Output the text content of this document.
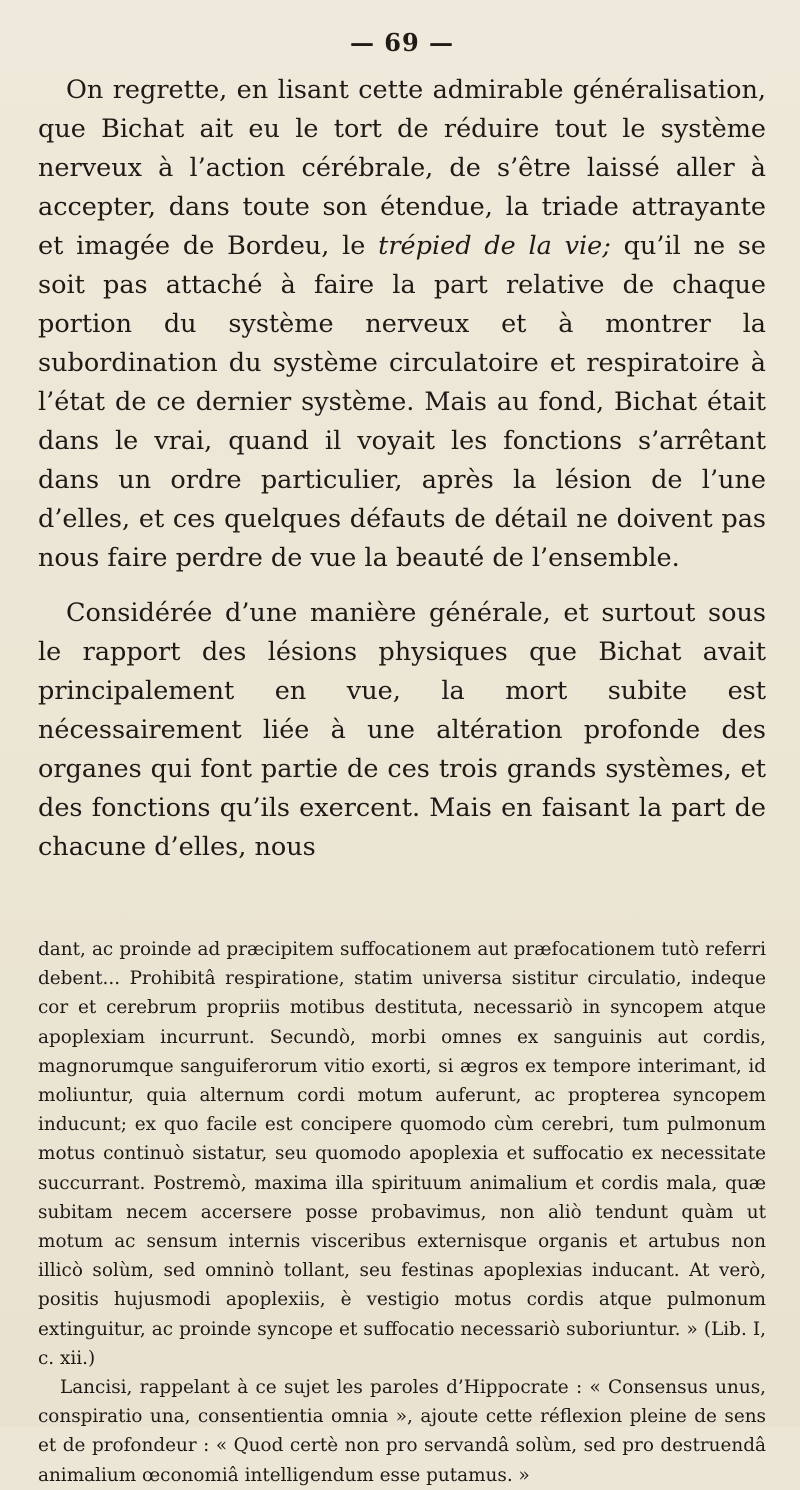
— 69 —

On regrette, en lisant cette admirable généralisation, que Bichat ait eu le tort de réduire tout le système nerveux à l’action cérébrale, de s’être laissé aller à accepter, dans toute son étendue, la triade attrayante et imagée de Bordeu, le trépied de la vie; qu’il ne se soit pas attaché à faire la part relative de chaque portion du système nerveux et à montrer la subordination du système circulatoire et respiratoire à l’état de ce dernier système. Mais au fond, Bichat était dans le vrai, quand il voyait les fonctions s’arrêtant dans un ordre particulier, après la lésion de l’une d’elles, et ces quelques défauts de détail ne doivent pas nous faire perdre de vue la beauté de l’ensemble.

Considérée d’une manière générale, et surtout sous le rapport des lésions physiques que Bichat avait principalement en vue, la mort subite est nécessairement liée à une altération profonde des organes qui font partie de ces trois grands systèmes, et des fonctions qu’ils exercent. Mais en faisant la part de chacune d’elles, nous

dant, ac proinde ad præcipitem suffocationem aut præfocationem tutò referri debent... Prohibitâ respiratione, statim universa sistitur circulatio, indeque cor et cerebrum propriis motibus destituta, necessariò in syncopem atque apoplexiam incurrunt. Secundò, morbi omnes ex sanguinis aut cordis, magnorumque sanguiferorum vitio exorti, si ægros ex tempore interimant, id moliuntur, quia alternum cordi motum auferunt, ac propterea syncopem inducunt; ex quo facile est concipere quomodo cùm cerebri, tum pulmonum motus continuò sistatur, seu quomodo apoplexia et suffocatio ex necessitate succurrant. Postremò, maxima illa spirituum animalium et cordis mala, quæ subitam necem accersere posse probavimus, non aliò tendunt quàm ut motum ac sensum internis visceribus externisque organis et artubus non illicò solùm, sed omninò tollant, seu festinas apoplexias inducant. At verò, positis hujusmodi apoplexiis, è vestigio motus cordis atque pulmonum extinguitur, ac proinde syncope et suffocatio necessariò suboriuntur. » (Lib. I, c. xii.)

Lancisi, rappelant à ce sujet les paroles d’Hippocrate : « Consensus unus, conspiratio una, consentientia omnia », ajoute cette réflexion pleine de sens et de profondeur : « Quod certè non pro servandâ solùm, sed pro destruendâ animalium œconomiâ intelligendum esse putamus. »
